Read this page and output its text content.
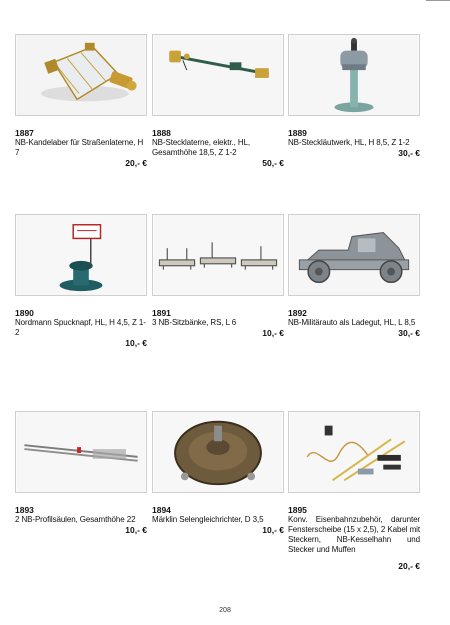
1887
NB-Kandelaber für Straßenlaterne, H 7
20,- €
1888
NB-Stecklaterne, elektr., HL, Gesamthöhe 18,5, Z 1-2
50,- €
1889
NB-Steckläutwerk, HL, H 8,5, Z 1-2
30,- €
1890
Nordmann Spucknapf, HL, H 4,5, Z 1-2
10,- €
1891
3 NB-Sitzbänke, RS, L 6
10,- €
1892
NB-Militärauto als Ladegut, HL, L 8,5
30,- €
1893
2 NB-Profilsäulen, Gesamthöhe 22
10,- €
1894
Märklin Selengleichrichter, D 3,5
10,- €
1895
Konv. Eisenbahnzubehör, darunter Fensterscheibe (15 x 2,5), 2 Kabel mit Steckern, NB-Kesselhahn und Stecker und Muffen
20,- €
208
